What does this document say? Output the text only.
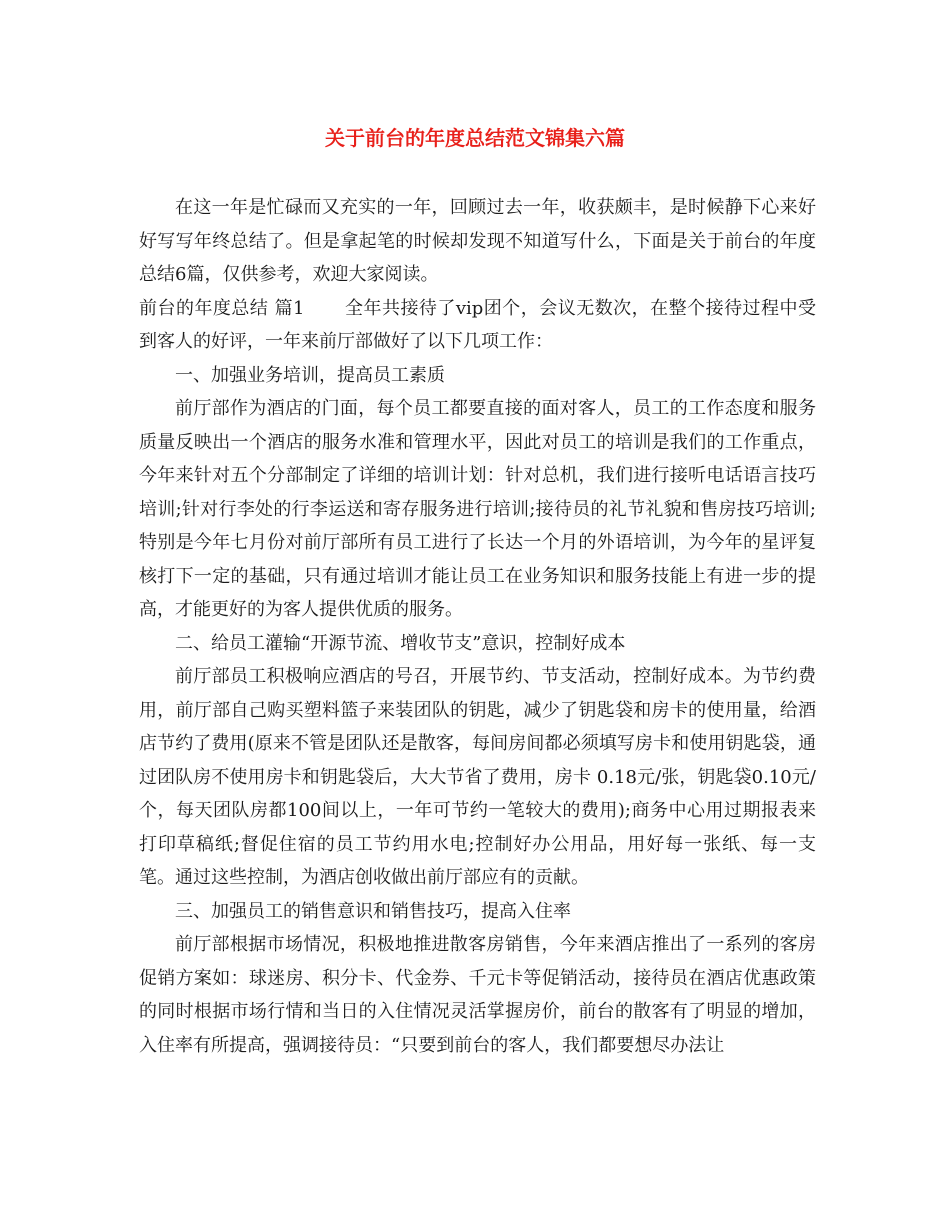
关于前台的年度总结范文锦集六篇

在这一年是忙碌而又充实的一年，回顾过去一年，收获颇丰，是时候静下心来好好写写年终总结了。但是拿起笔的时候却发现不知道写什么，下面是关于前台的年度总结6篇，仅供参考，欢迎大家阅读。

前台的年度总结 篇1 全年共接待了vip团个，会议无数次，在整个接待过程中受到客人的好评，一年来前厅部做好了以下几项工作：

一、加强业务培训，提高员工素质

前厅部作为酒店的门面，每个员工都要直接的面对客人，员工的工作态度和服务质量反映出一个酒店的服务水准和管理水平，因此对员工的培训是我们的工作重点，今年来针对五个分部制定了详细的培训计划：针对总机，我们进行接听电话语言技巧培训;针对行李处的行李运送和寄存服务进行培训;接待员的礼节礼貌和售房技巧培训;特别是今年七月份对前厅部所有员工进行了长达一个月的外语培训，为今年的星评复核打下一定的基础，只有通过培训才能让员工在业务知识和服务技能上有进一步的提高，才能更好的为客人提供优质的服务。

二、给员工灌输“开源节流、增收节支”意识，控制好成本

前厅部员工积极响应酒店的号召，开展节约、节支活动，控制好成本。为节约费用，前厅部自己购买塑料篮子来装团队的钥匙，减少了钥匙袋和房卡的使用量，给酒店节约了费用(原来不管是团队还是散客，每间房间都必须填写房卡和使用钥匙袋，通过团队房不使用房卡和钥匙袋后，大大节省了费用，房卡 0.18元/张，钥匙袋0.10元/个，每天团队房都100间以上，一年可节约一笔较大的费用);商务中心用过期报表来打印草稿纸;督促住宿的员工节约用水电;控制好办公用品，用好每一张纸、每一支笔。通过这些控制，为酒店创收做出前厅部应有的贡献。

三、加强员工的销售意识和销售技巧，提高入住率

前厅部根据市场情况，积极地推进散客房销售，今年来酒店推出了一系列的客房促销方案如：球迷房、积分卡、代金券、千元卡等促销活动，接待员在酒店优惠政策的同时根据市场行情和当日的入住情况灵活掌握房价，前台的散客有了明显的增加，入住率有所提高，强调接待员：“只要到前台的客人，我们都要想尽办法让
